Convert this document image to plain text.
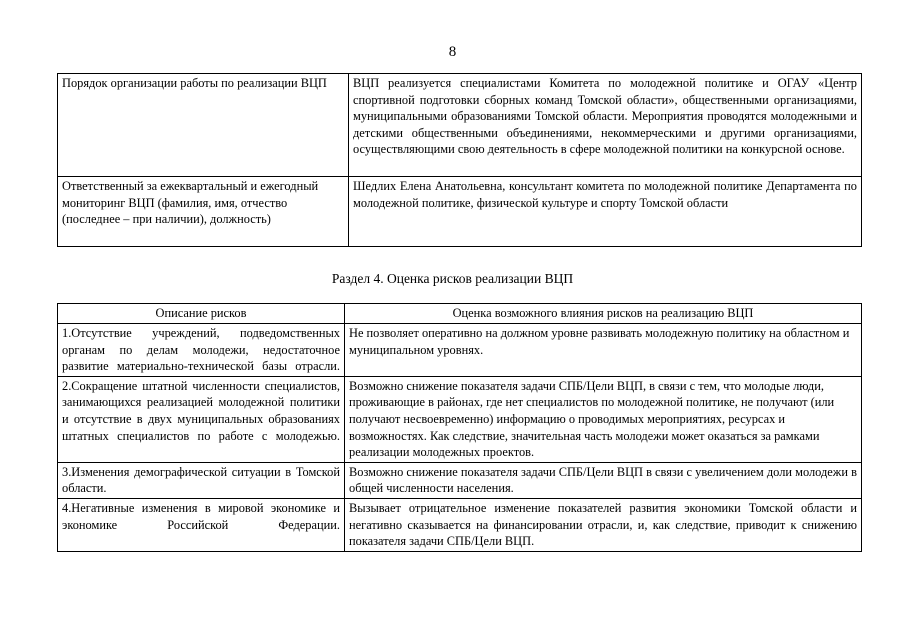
8
Порядок организации работы по реализации ВЦП	ВЦП реализуется специалистами Комитета по молодежной политике и ОГАУ «Центр спортивной подготовки сборных команд Томской области», общественными организациями, муниципальными образованиями Томской области. Мероприятия проводятся молодежными и детскими общественными объединениями, некоммерческими и другими организациями, осуществляющими свою деятельность в сфере молодежной политики на конкурсной основе.
Ответственный за ежеквартальный и ежегодный мониторинг ВЦП (фамилия, имя, отчество (последнее – при наличии), должность)	Шедлих Елена Анатольевна, консультант комитета по молодежной политике Департамента по молодежной политике, физической культуре и спорту Томской области
Раздел 4. Оценка рисков реализации ВЦП
Описание рисков	Оценка возможного влияния рисков на реализацию ВЦП
1.Отсутствие учреждений, подведомственных органам по делам молодежи, недостаточное развитие материально-технической базы отрасли.	Не позволяет оперативно на должном уровне развивать молодежную политику на областном и муниципальном уровнях.
2.Сокращение штатной численности специалистов, занимающихся реализацией молодежной политики и отсутствие в двух муниципальных образованиях штатных специалистов по работе с молодежью.	Возможно снижение показателя задачи СПБ/Цели ВЦП, в связи с тем, что молодые люди, проживающие в районах, где нет специалистов по молодежной политике, не получают (или получают несвоевременно) информацию о проводимых мероприятиях, ресурсах и возможностях. Как следствие, значительная часть молодежи может оказаться за рамками реализации молодежных проектов.
3.Изменения демографической ситуации в Томской области.	Возможно снижение показателя задачи СПБ/Цели ВЦП в связи с увеличением доли молодежи в общей численности населения.
4.Негативные изменения в мировой экономике и экономике Российской Федерации.	Вызывает отрицательное изменение показателей развития экономики Томской области и негативно сказывается на финансировании отрасли, и, как следствие, приводит к снижению показателя задачи СПБ/Цели ВЦП.
